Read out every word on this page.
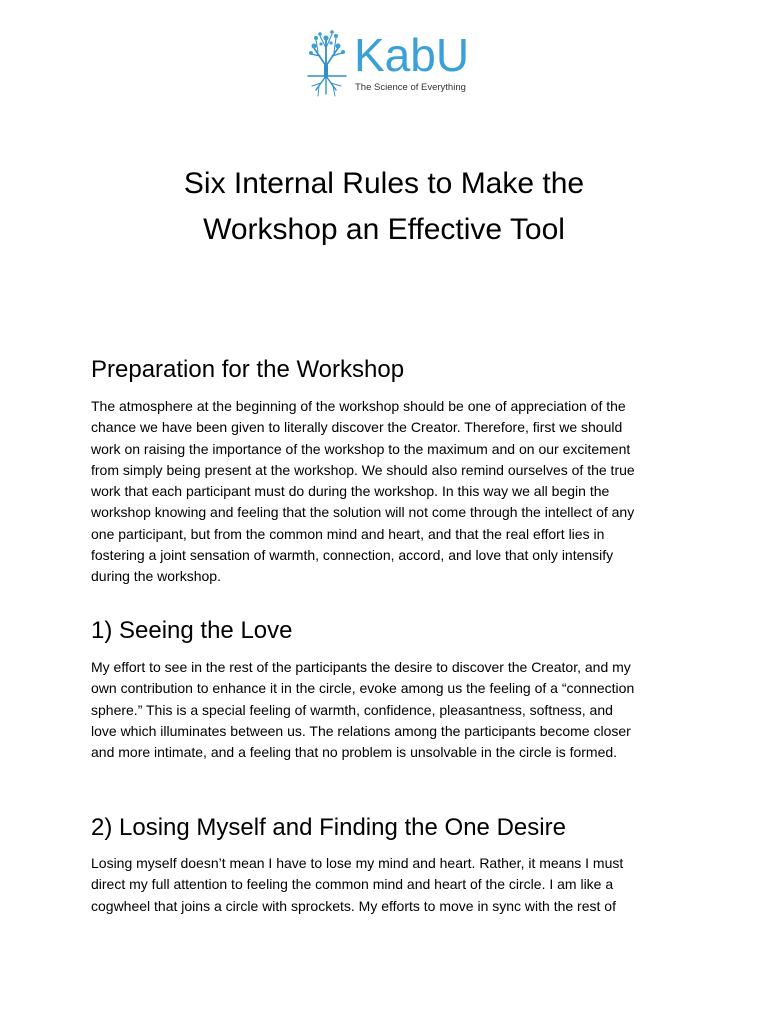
KabU
The Science of Everything
Six Internal Rules to Make the
Workshop an Effective Tool
Preparation for the Workshop
The atmosphere at the beginning of the workshop should be one of appreciation of the
chance we have been given to literally discover the Creator. Therefore, first we should
work on raising the importance of the workshop to the maximum and on our excitement
from simply being present at the workshop. We should also remind ourselves of the true
work that each participant must do during the workshop. In this way we all begin the
workshop knowing and feeling that the solution will not come through the intellect of any
one participant, but from the common mind and heart, and that the real effort lies in
fostering a joint sensation of warmth, connection, accord, and love that only intensify
during the workshop.
1) Seeing the Love
My effort to see in the rest of the participants the desire to discover the Creator, and my
own contribution to enhance it in the circle, evoke among us the feeling of a “connection
sphere.” This is a special feeling of warmth, confidence, pleasantness, softness, and
love which illuminates between us. The relations among the participants become closer
and more intimate, and a feeling that no problem is unsolvable in the circle is formed.
2) Losing Myself and Finding the One Desire
Losing myself doesn’t mean I have to lose my mind and heart. Rather, it means I must
direct my full attention to feeling the common mind and heart of the circle. I am like a
cogwheel that joins a circle with sprockets. My efforts to move in sync with the rest of
